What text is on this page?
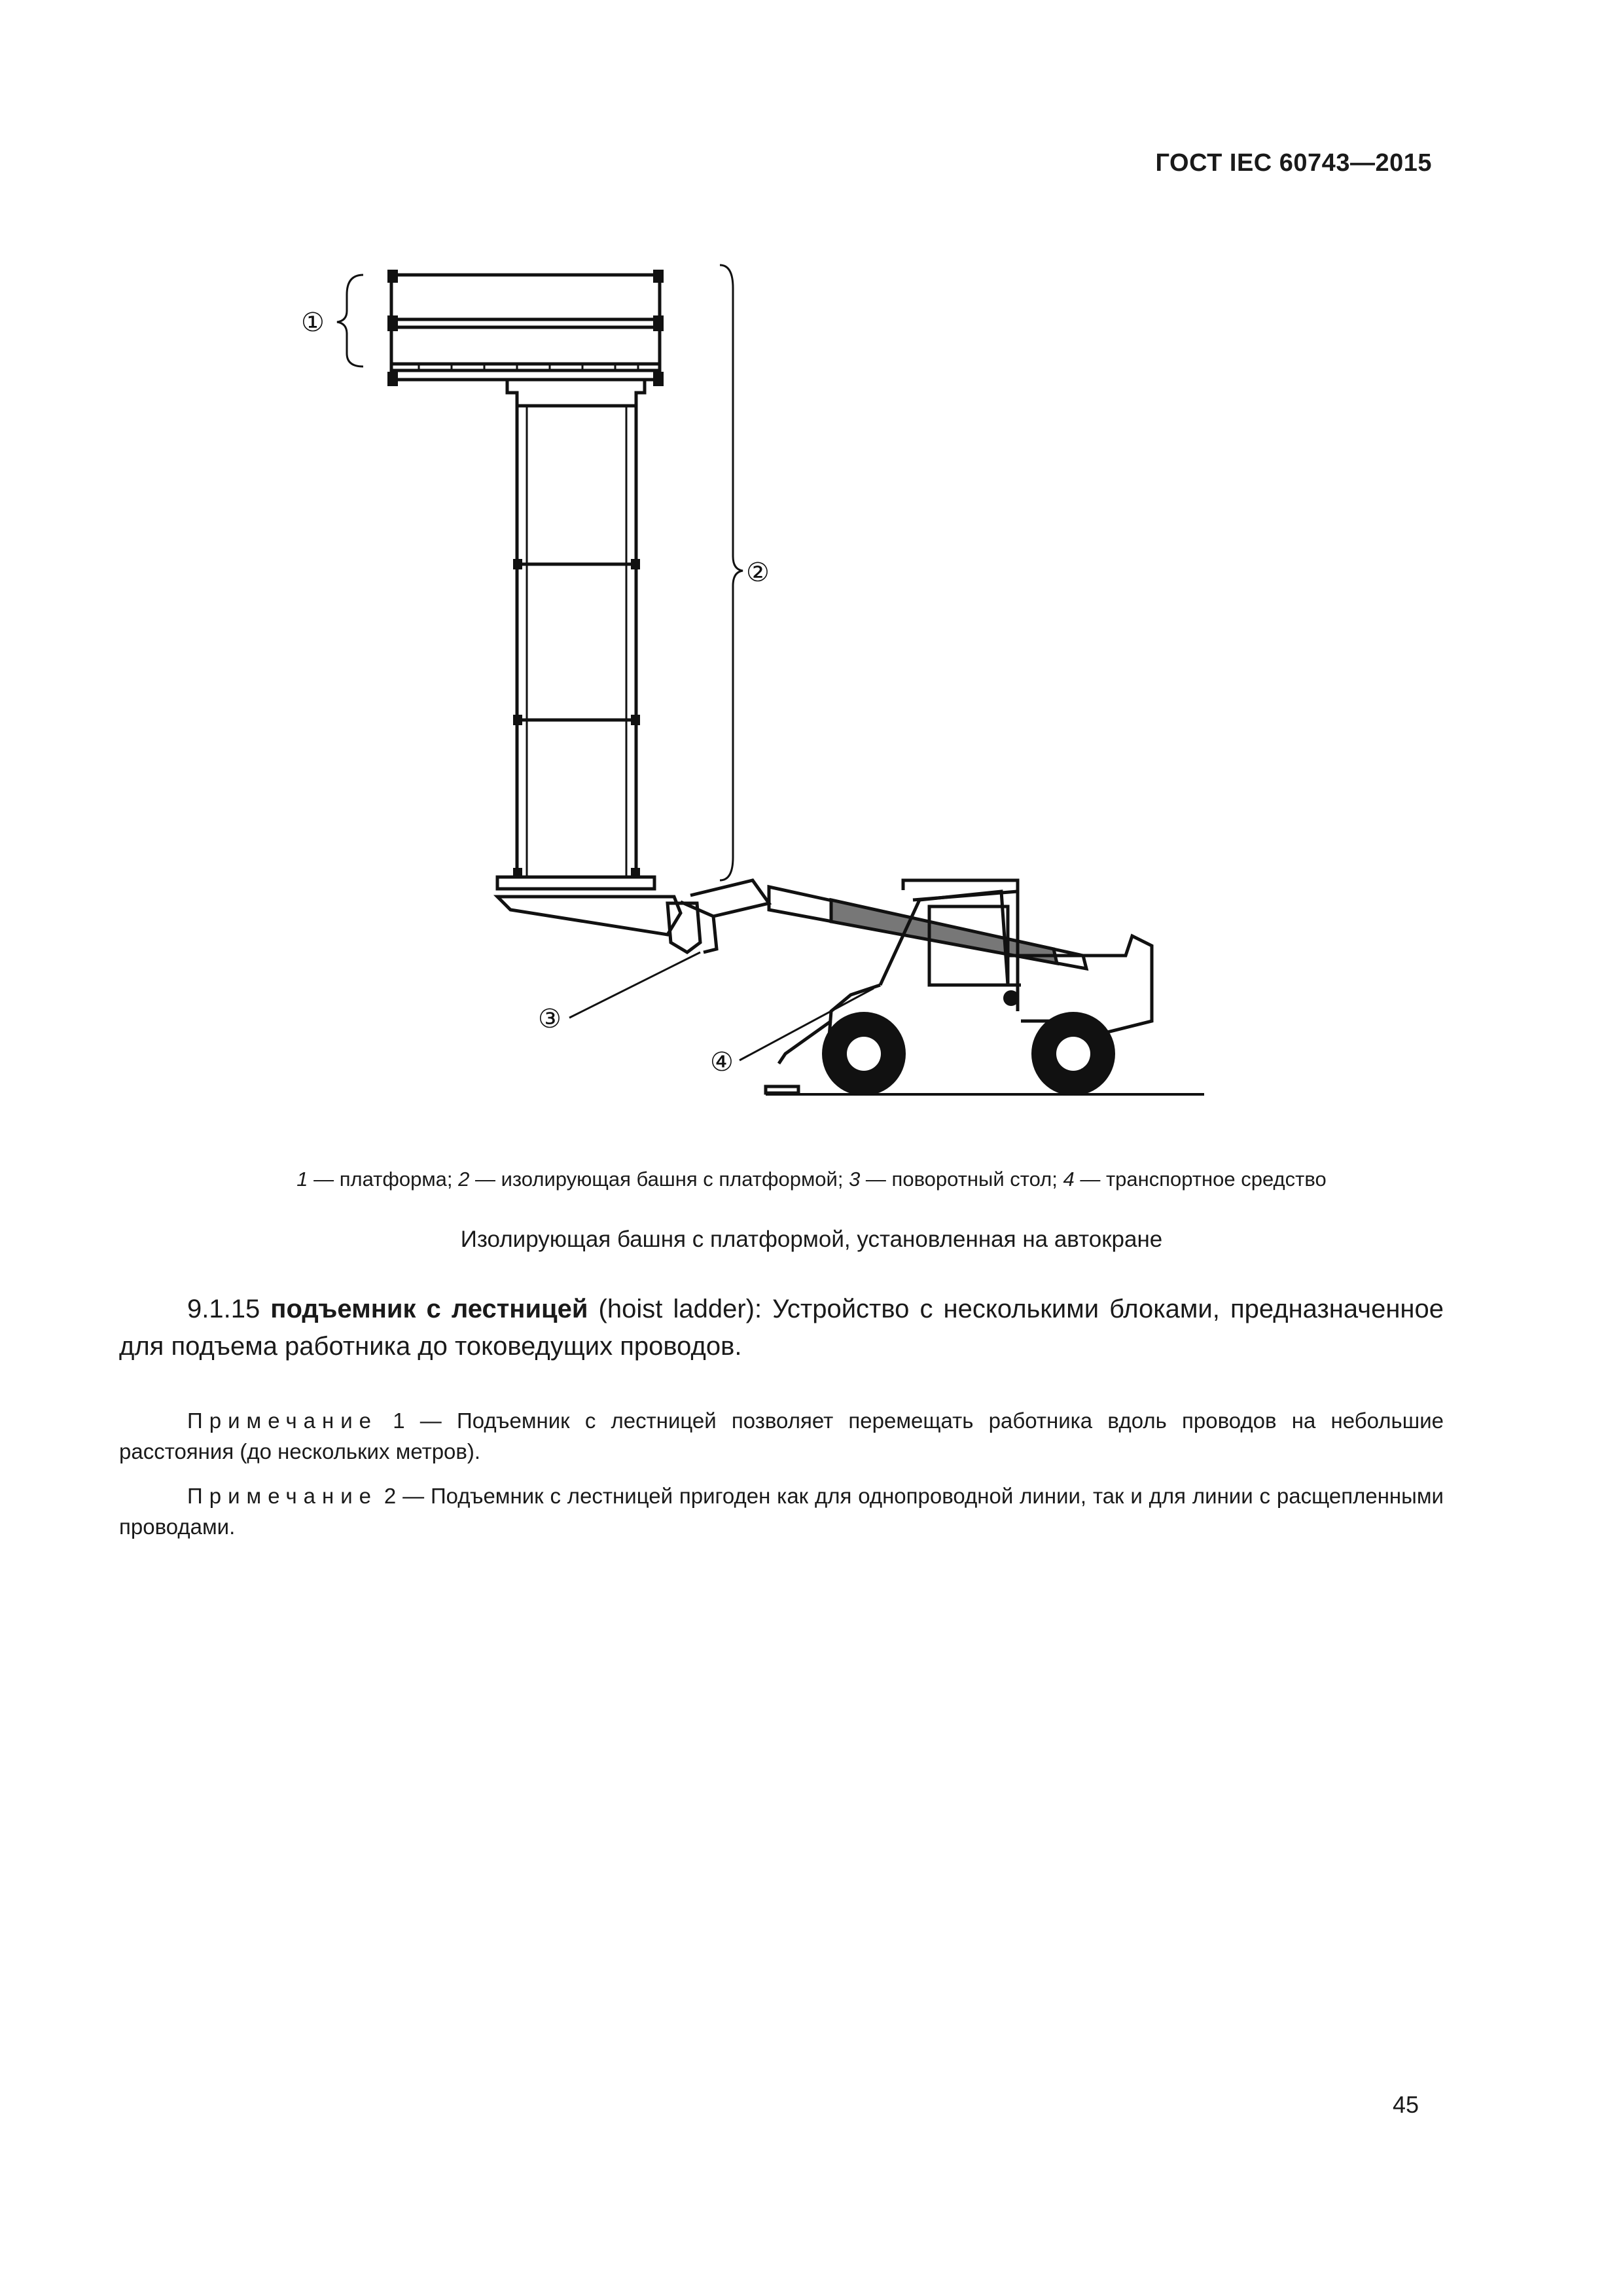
ГОСТ IEC 60743—2015
①
②
③
④
1 — платформа; 2 — изолирующая башня с платформой; 3 — поворотный стол; 4 — транспортное средство
Изолирующая башня с платформой, установленная на автокране
9.1.15 подъемник с лестницей (hoist ladder): Устройство с несколькими блоками, предназначенное для подъема работника до токоведущих проводов.
Примечание 1 — Подъемник с лестницей позволяет перемещать работника вдоль проводов на небольшие расстояния (до нескольких метров).
Примечание 2 — Подъемник с лестницей пригоден как для однопроводной линии, так и для линии с расщепленными проводами.
45
